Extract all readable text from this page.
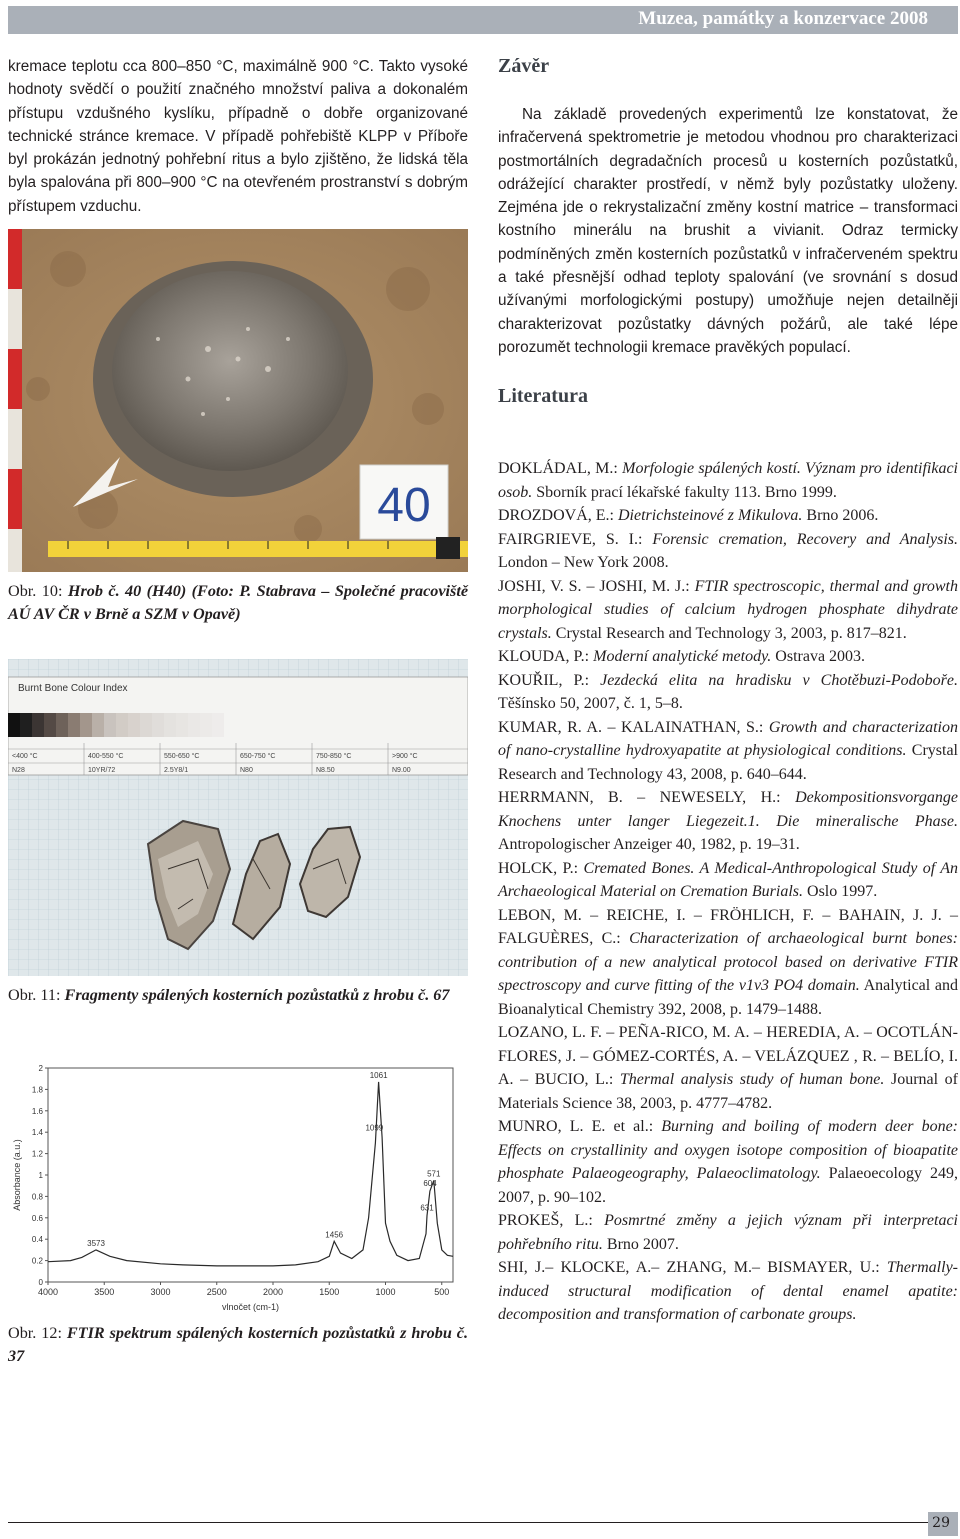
Muzea, památky a konzervace 2008

kremace teplotu cca 800–850 °C, maximálně 900 °C. Takto vysoké hodnoty svědčí o použití značného množství paliva a dokonalém přístupu vzdušného kyslíku, případně o dobře organizované technické stránce kremace. V případě pohřebiště KLPP v Příboře byl prokázán jednotný pohřební ritus a bylo zjištěno, že lidská těla byla spalována při 800–900 °C na otevřeném prostranství s dobrým přístupem vzduchu.

40

Obr. 10: Hrob č. 40 (H40) (Foto: P. Stabrava – Společné pracoviště AÚ AV ČR v Brně a SZM v Opavě)

Burnt Bone Colour Index
<400 °C	400-550 °C	550-650 °C	650-750 °C	750-850 °C	>900 °C
N28	10YR/72	2.5Y8/1	N80	N8.50	N9.00

Obr. 11: Fragmenty spálených kosterních pozůstatků z hrobu č. 67

0
0.2
0.4
0.6
0.8
1
1.2
1.4
1.6
1.8
2
4000	3500	3000	2500	2000	1500	1000	500
vlnočet (cm-1)
Absorbance (a.u.)
3573
1456
1061
1099
571
604
631

Obr. 12: FTIR spektrum spálených kosterních pozůstatků z hrobu č. 37

Závěr

Na základě provedených experimentů lze konstatovat, že infračervená spektrometrie je metodou vhodnou pro charakterizaci postmortálních degradačních procesů u kosterních pozůstatků, odrážející charakter prostředí, v němž byly pozůstatky uloženy. Zejména jde o rekrystalizační změny kostní matrice – transformaci kostního minerálu na brushit a vivianit. Odraz termicky podmíněných změn kosterních pozůstatků v infračerveném spektru a také přesnější odhad teploty spalování (ve srovnání s dosud užívanými morfologickými postupy) umožňuje nejen detailněji charakterizovat pozůstatky dávných požárů, ale také lépe porozumět technologii kremace pravěkých populací.

Literatura

DOKLÁDAL, M.: Morfologie spálených kostí. Význam pro identifikaci osob. Sborník prací lékařské fakulty 113. Brno 1999.

DROZDOVÁ, E.: Dietrichsteinové z Mikulova. Brno 2006.

FAIRGRIEVE, S. I.: Forensic cremation, Recovery and Analysis. London – New York 2008.

JOSHI, V. S. – JOSHI, M. J.: FTIR spectroscopic, thermal and growth morphological studies of calcium hydrogen phosphate dihydrate crystals. Crystal Research and Technology 3, 2003, p. 817–821.

KLOUDA, P.: Moderní analytické metody. Ostrava 2003.

KOUŘIL, P.: Jezdecká elita na hradisku v Chotěbuzi-Podoboře. Těšínsko 50, 2007, č. 1, 5–8.

KUMAR, R. A. – KALAINATHAN, S.: Growth and characterization of nano-crystalline hydroxyapatite at physiological conditions. Crystal Research and Technology 43, 2008, p. 640–644.

HERRMANN, B. – NEWESELY, H.: Dekompositionsvorgange Knochens unter langer Liegezeit.1. Die mineralische Phase. Antropologischer Anzeiger 40, 1982, p. 19–31.

HOLCK, P.: Cremated Bones. A Medical-Anthropological Study of An Archaeological Material on Cremation Burials. Oslo 1997.

LEBON, M. – REICHE, I. – FRÖHLICH, F. – BAHAIN, J. J. – FALGUÈRES, C.: Characterization of archaeological burnt bones: contribution of a new analytical protocol based on derivative FTIR spectroscopy and curve fitting of the v1v3 PO4 domain. Analytical and Bioanalytical Chemistry 392, 2008, p. 1479–1488.

LOZANO, L. F. – PEÑA-RICO, M. A. – HEREDIA, A. – OCOTLÁN-FLORES, J. – GÓMEZ-CORTÉS, A. – VELÁZQUEZ , R. – BELÍO, I. A. – BUCIO, L.: Thermal analysis study of human bone. Journal of Materials Science 38, 2003, p. 4777–4782.

MUNRO, L. E. et al.: Burning and boiling of modern deer bone: Effects on crystallinity and oxygen isotope composition of bioapatite phosphate Palaeogeography, Palaeoclimatology. Palaeoecology 249, 2007, p. 90–102.

PROKEŠ, L.: Posmrtné změny a jejich význam při interpretaci pohřebního ritu. Brno 2007.

SHI, J.– KLOCKE, A.– ZHANG, M.– BISMAYER, U.: Thermally-induced structural modification of dental enamel apatite: decomposition and transformation of carbonate groups.

29
